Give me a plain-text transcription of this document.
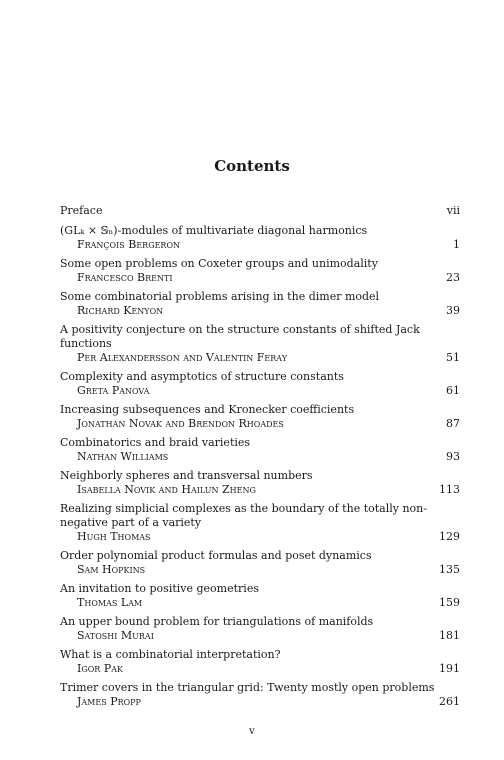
Contents
Preface	vii
(GLₖ × 𝕊ₙ)-modules of multivariate diagonal harmonics
François Bergeron	1
Some open problems on Coxeter groups and unimodality
Francesco Brenti	23
Some combinatorial problems arising in the dimer model
Richard Kenyon	39
A positivity conjecture on the structure constants of shifted Jack functions
Per Alexandersson and Valentin Feray	51
Complexity and asymptotics of structure constants
Greta Panova	61
Increasing subsequences and Kronecker coefficients
Jonathan Novak and Brendon Rhoades	87
Combinatorics and braid varieties
Nathan Williams	93
Neighborly spheres and transversal numbers
Isabella Novik and Hailun Zheng	113
Realizing simplicial complexes as the boundary of the totally non-negative part of a variety
Hugh Thomas	129
Order polynomial product formulas and poset dynamics
Sam Hopkins	135
An invitation to positive geometries
Thomas Lam	159
An upper bound problem for triangulations of manifolds
Satoshi Murai	181
What is a combinatorial interpretation?
Igor Pak	191
Trimer covers in the triangular grid: Twenty mostly open problems
James Propp	261
v
